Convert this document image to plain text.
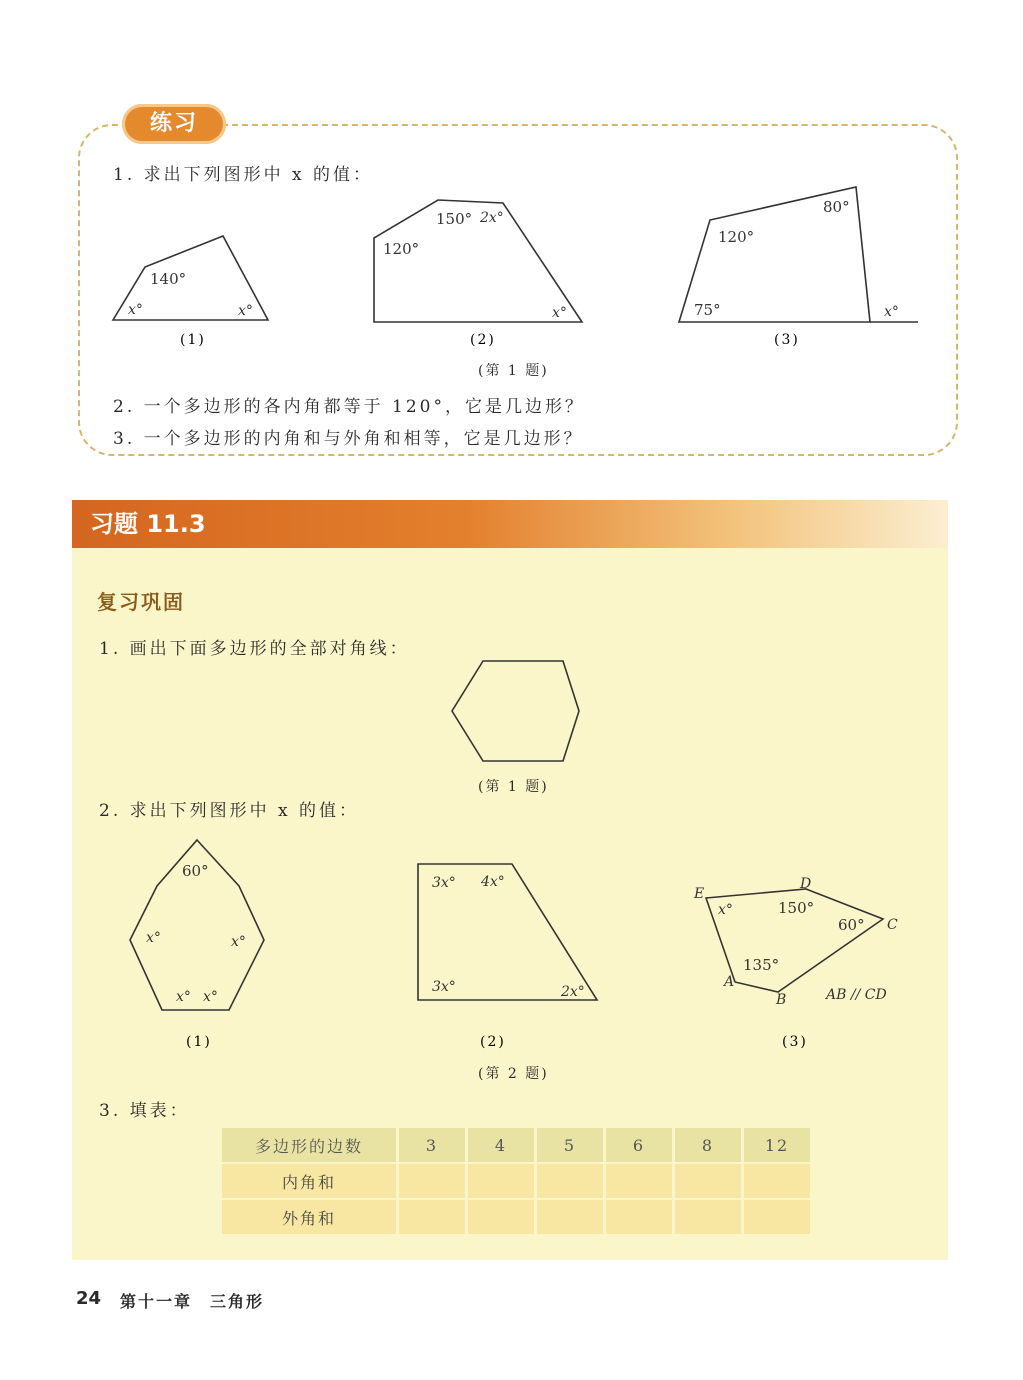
练习
1. 求出下列图形中 x 的值：
140°
x°	x°
(1)
150° 2x°
120°
x°
(2)
80°
120°
75°	x°
(3)
(第 1 题)
2. 一个多边形的各内角都等于 120°，它是几边形？
3. 一个多边形的内角和与外角和相等，它是几边形？
习题 11.3
复习巩固
1. 画出下面多边形的全部对角线：
60°
x°	x°
x° x°
(1)
3x° 4x°
3x°	2x°
(2)
E
D
C
A
B
x°	150°
60°
135°
AB // CD
(3)
(第 1 题)
2. 求出下列图形中 x 的值：
(第 2 题)
3. 填表：
多边形的边数	3	4	5	6	8	12
内角和						
外角和						
24 第十一章　三角形
